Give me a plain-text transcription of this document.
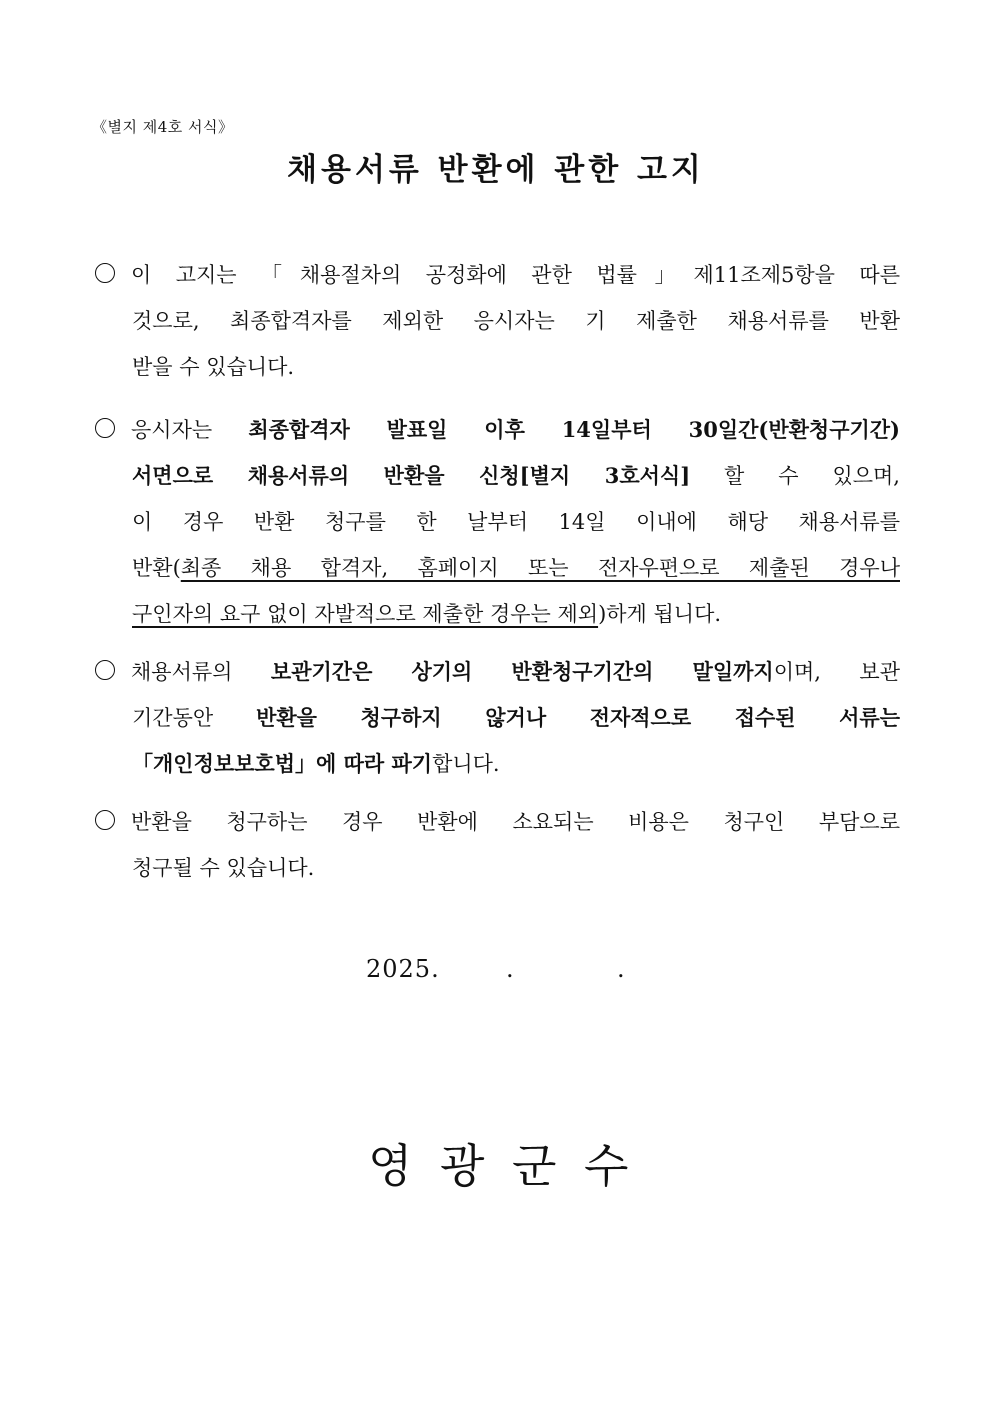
《별지 제4호 서식》
채용서류 반환에 관한 고지
이 고지는 「채용절차의 공정화에 관한 법률」제11조제5항을 따른
것으로, 최종합격자를 제외한 응시자는 기 제출한 채용서류를 반환
받을 수 있습니다.
응시자는 최종합격자 발표일 이후 14일부터 30일간(반환청구기간)
서면으로 채용서류의 반환을 신청[별지 3호서식] 할 수 있으며,
이 경우 반환 청구를 한 날부터 14일 이내에 해당 채용서류를
반환(최종 채용 합격자, 홈페이지 또는 전자우편으로 제출된 경우나
구인자의 요구 없이 자발적으로 제출한 경우는 제외)하게 됩니다.
채용서류의 보관기간은 상기의 반환청구기간의 말일까지이며, 보관
기간동안 반환을 청구하지 않거나 전자적으로 접수된 서류는
「개인정보보호법」에 따라 파기합니다.
반환을 청구하는 경우 반환에 소요되는 비용은 청구인 부담으로
청구될 수 있습니다.
2025.	.	.
영 광 군 수
